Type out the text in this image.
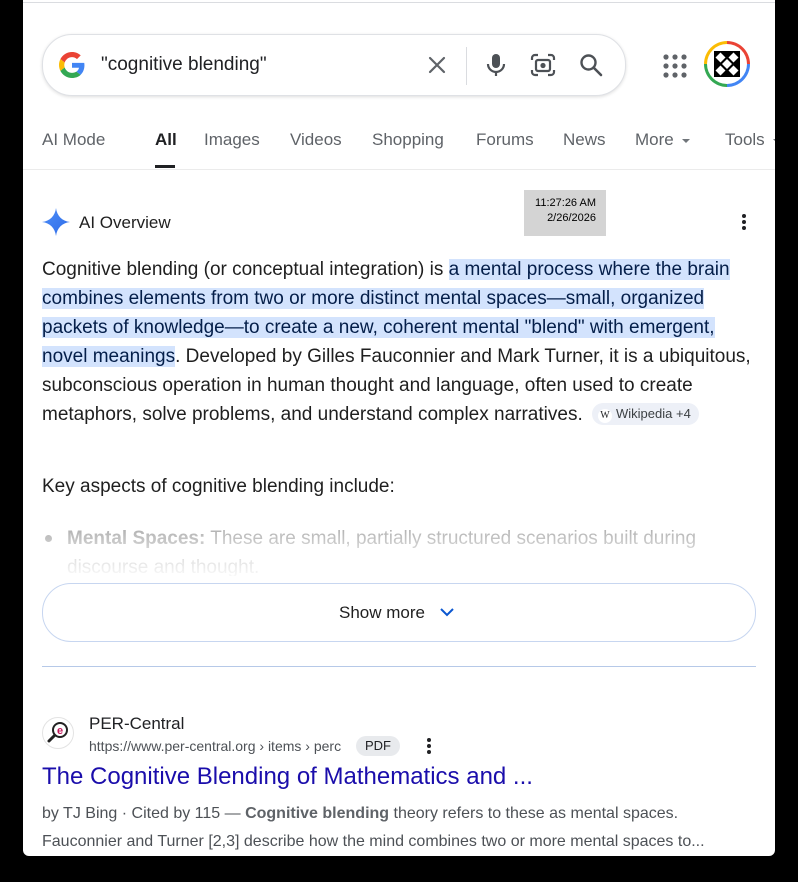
"cognitive blending"
AI Mode	All Images Videos Shopping Forums News More	Tools
AI Overview
11:27:26 AM
2/26/2026

Cognitive blending (or conceptual integration) is a mental process where the brain combines elements from two or more distinct mental spaces—small, organized packets of knowledge—to create a new, coherent mental "blend" with emergent, novel meanings. Developed by Gilles Fauconnier and Mark Turner, it is a ubiquitous, subconscious operation in human thought and language, often used to create metaphors, solve problems, and understand complex narratives. W Wikipedia +4

Key aspects of cognitive blending include:
Show more
e PER-Central
https://www.per-central.org › items › perc	PDF
The Cognitive Blending of Mathematics and ...
by TJ Bing · Cited by 115 — Cognitive blending theory refers to these as mental spaces.
Fauconnier and Turner [2,3] describe how the mind combines two or more mental spaces to...
